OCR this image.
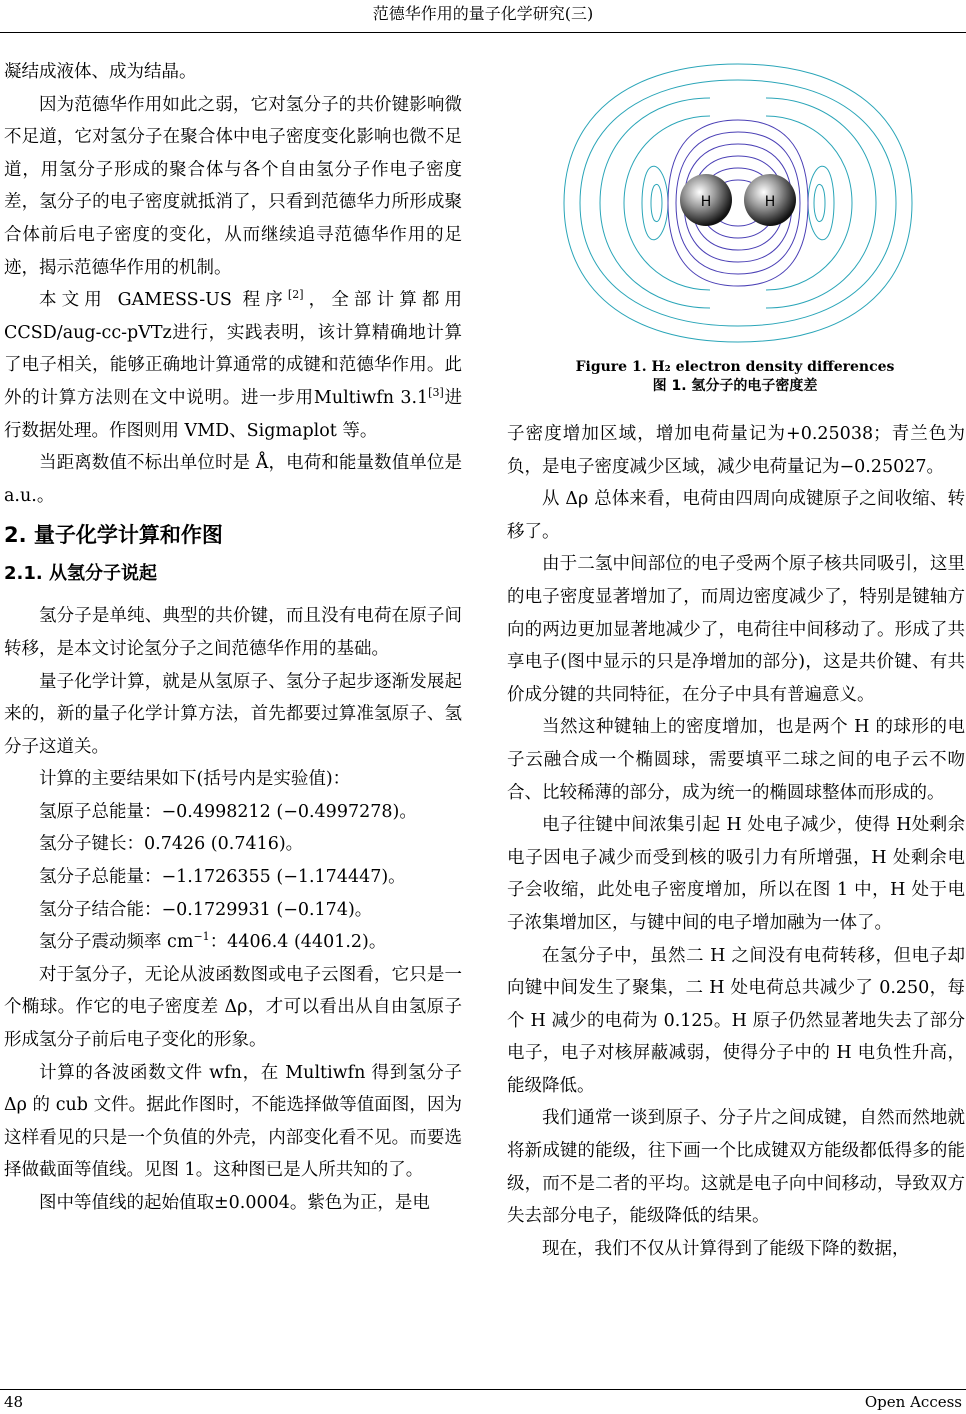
范德华作用的量子化学研究(三)

凝结成液体、成为结晶。

因为范德华作用如此之弱，它对氢分子的共价键影响微不足道，它对氢分子在聚合体中电子密度变化影响也微不足道，用氢分子形成的聚合体与各个自由氢分子作电子密度差，氢分子的电子密度就抵消了，只看到范德华力所形成聚合体前后电子密度的变化，从而继续追寻范德华作用的足迹，揭示范德华作用的机制。

本文用 GAMESS-US 程序[2]，全部计算都用CCSD/aug-cc-pVTz进行，实践表明，该计算精确地计算了电子相关，能够正确地计算通常的成键和范德华作用。此外的计算方法则在文中说明。进一步用Multiwfn 3.1[3]进行数据处理。作图则用 VMD、Sigmaplot 等。

当距离数值不标出单位时是 Å，电荷和能量数值单位是 a.u.。

2. 量子化学计算和作图
2.1. 从氢分子说起

氢分子是单纯、典型的共价键，而且没有电荷在原子间转移，是本文讨论氢分子之间范德华作用的基础。

量子化学计算，就是从氢原子、氢分子起步逐渐发展起来的，新的量子化学计算方法，首先都要过算准氢原子、氢分子这道关。

计算的主要结果如下(括号内是实验值)：

氢原子总能量：−0.4998212 (−0.4997278)。

氢分子键长：0.7426 (0.7416)。

氢分子总能量：−1.1726355 (−1.174447)。

氢分子结合能：−0.1729931 (−0.174)。

氢分子震动频率 $cm^{-1}$：4406.4 (4401.2)。

对于氢分子，无论从波函数图或电子云图看，它只是一个椭球。作它的电子密度差 Δρ，才可以看出从自由氢原子形成氢分子前后电子变化的形象。

计算的各波函数文件 wfn，在 Multiwfn 得到氢分子 Δρ 的 cub 文件。据此作图时，不能选择做等值面图，因为这样看见的只是一个负值的外壳，内部变化看不见。而要选择做截面等值线。见图 1。这种图已是人所共知的了。

图中等值线的起始值取±0.0004。紫色为正，是电

H	H
Figure 1. H₂ electron density differences
图 1. 氢分子的电子密度差

子密度增加区域，增加电荷量记为+0.25038；青兰色为负，是电子密度减少区域，减少电荷量记为−0.25027。

从 Δρ 总体来看，电荷由四周向成键原子之间收缩、转移了。

由于二氢中间部位的电子受两个原子核共同吸引，这里的电子密度显著增加了，而周边密度减少了，特别是键轴方向的两边更加显著地减少了，电荷往中间移动了。形成了共享电子(图中显示的只是净增加的部分)，这是共价键、有共价成分键的共同特征，在分子中具有普遍意义。

当然这种键轴上的密度增加，也是两个 H 的球形的电子云融合成一个椭圆球，需要填平二球之间的电子云不吻合、比较稀薄的部分，成为统一的椭圆球整体而形成的。

电子往键中间浓集引起 H 处电子减少，使得 H处剩余电子因电子减少而受到核的吸引力有所增强，H 处剩余电子会收缩，此处电子密度增加，所以在图 1 中，H 处于电子浓集增加区，与键中间的电子增加融为一体了。

在氢分子中，虽然二 H 之间没有电荷转移，但电子却向键中间发生了聚集，二 H 处电荷总共减少了 0.250，每个 H 减少的电荷为 0.125。H 原子仍然显著地失去了部分电子，电子对核屏蔽减弱，使得分子中的 H 电负性升高，能级降低。

我们通常一谈到原子、分子片之间成键，自然而然地就将新成键的能级，往下画一个比成键双方能级都低得多的能级，而不是二者的平均。这就是电子向中间移动，导致双方失去部分电子，能级降低的结果。

现在，我们不仅从计算得到了能级下降的数据，

48	Open Access
